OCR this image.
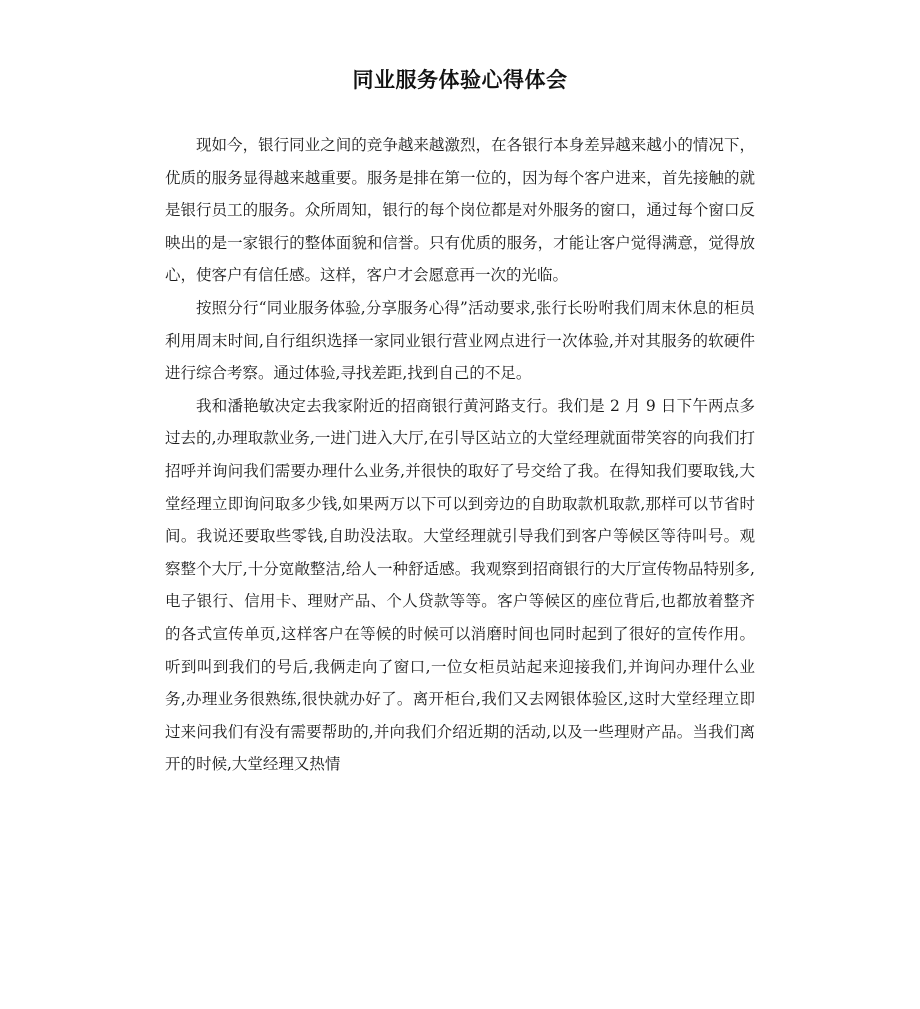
同业服务体验心得体会

现如今，银行同业之间的竞争越来越激烈，在各银行本身差异越来越小的情况下，优质的服务显得越来越重要。服务是排在第一位的，因为每个客户进来，首先接触的就是银行员工的服务。众所周知，银行的每个岗位都是对外服务的窗口，通过每个窗口反映出的是一家银行的整体面貌和信誉。只有优质的服务，才能让客户觉得满意，觉得放心，使客户有信任感。这样，客户才会愿意再一次的光临。

按照分行“同业服务体验,分享服务心得”活动要求,张行长吩咐我们周末休息的柜员利用周末时间,自行组织选择一家同业银行营业网点进行一次体验,并对其服务的软硬件进行综合考察。通过体验,寻找差距,找到自己的不足。

我和潘艳敏决定去我家附近的招商银行黄河路支行。我们是 2 月 9 日下午两点多过去的,办理取款业务,一进门进入大厅,在引导区站立的大堂经理就面带笑容的向我们打招呼并询问我们需要办理什么业务,并很快的取好了号交给了我。在得知我们要取钱,大堂经理立即询问取多少钱,如果两万以下可以到旁边的自助取款机取款,那样可以节省时间。我说还要取些零钱,自助没法取。大堂经理就引导我们到客户等候区等待叫号。观察整个大厅,十分宽敞整洁,给人一种舒适感。我观察到招商银行的大厅宣传物品特别多,电子银行、信用卡、理财产品、个人贷款等等。客户等候区的座位背后,也都放着整齐的各式宣传单页,这样客户在等候的时候可以消磨时间也同时起到了很好的宣传作用。听到叫到我们的号后,我俩走向了窗口,一位女柜员站起来迎接我们,并询问办理什么业务,办理业务很熟练,很快就办好了。离开柜台,我们又去网银体验区,这时大堂经理立即过来问我们有没有需要帮助的,并向我们介绍近期的活动,以及一些理财产品。当我们离开的时候,大堂经理又热情
